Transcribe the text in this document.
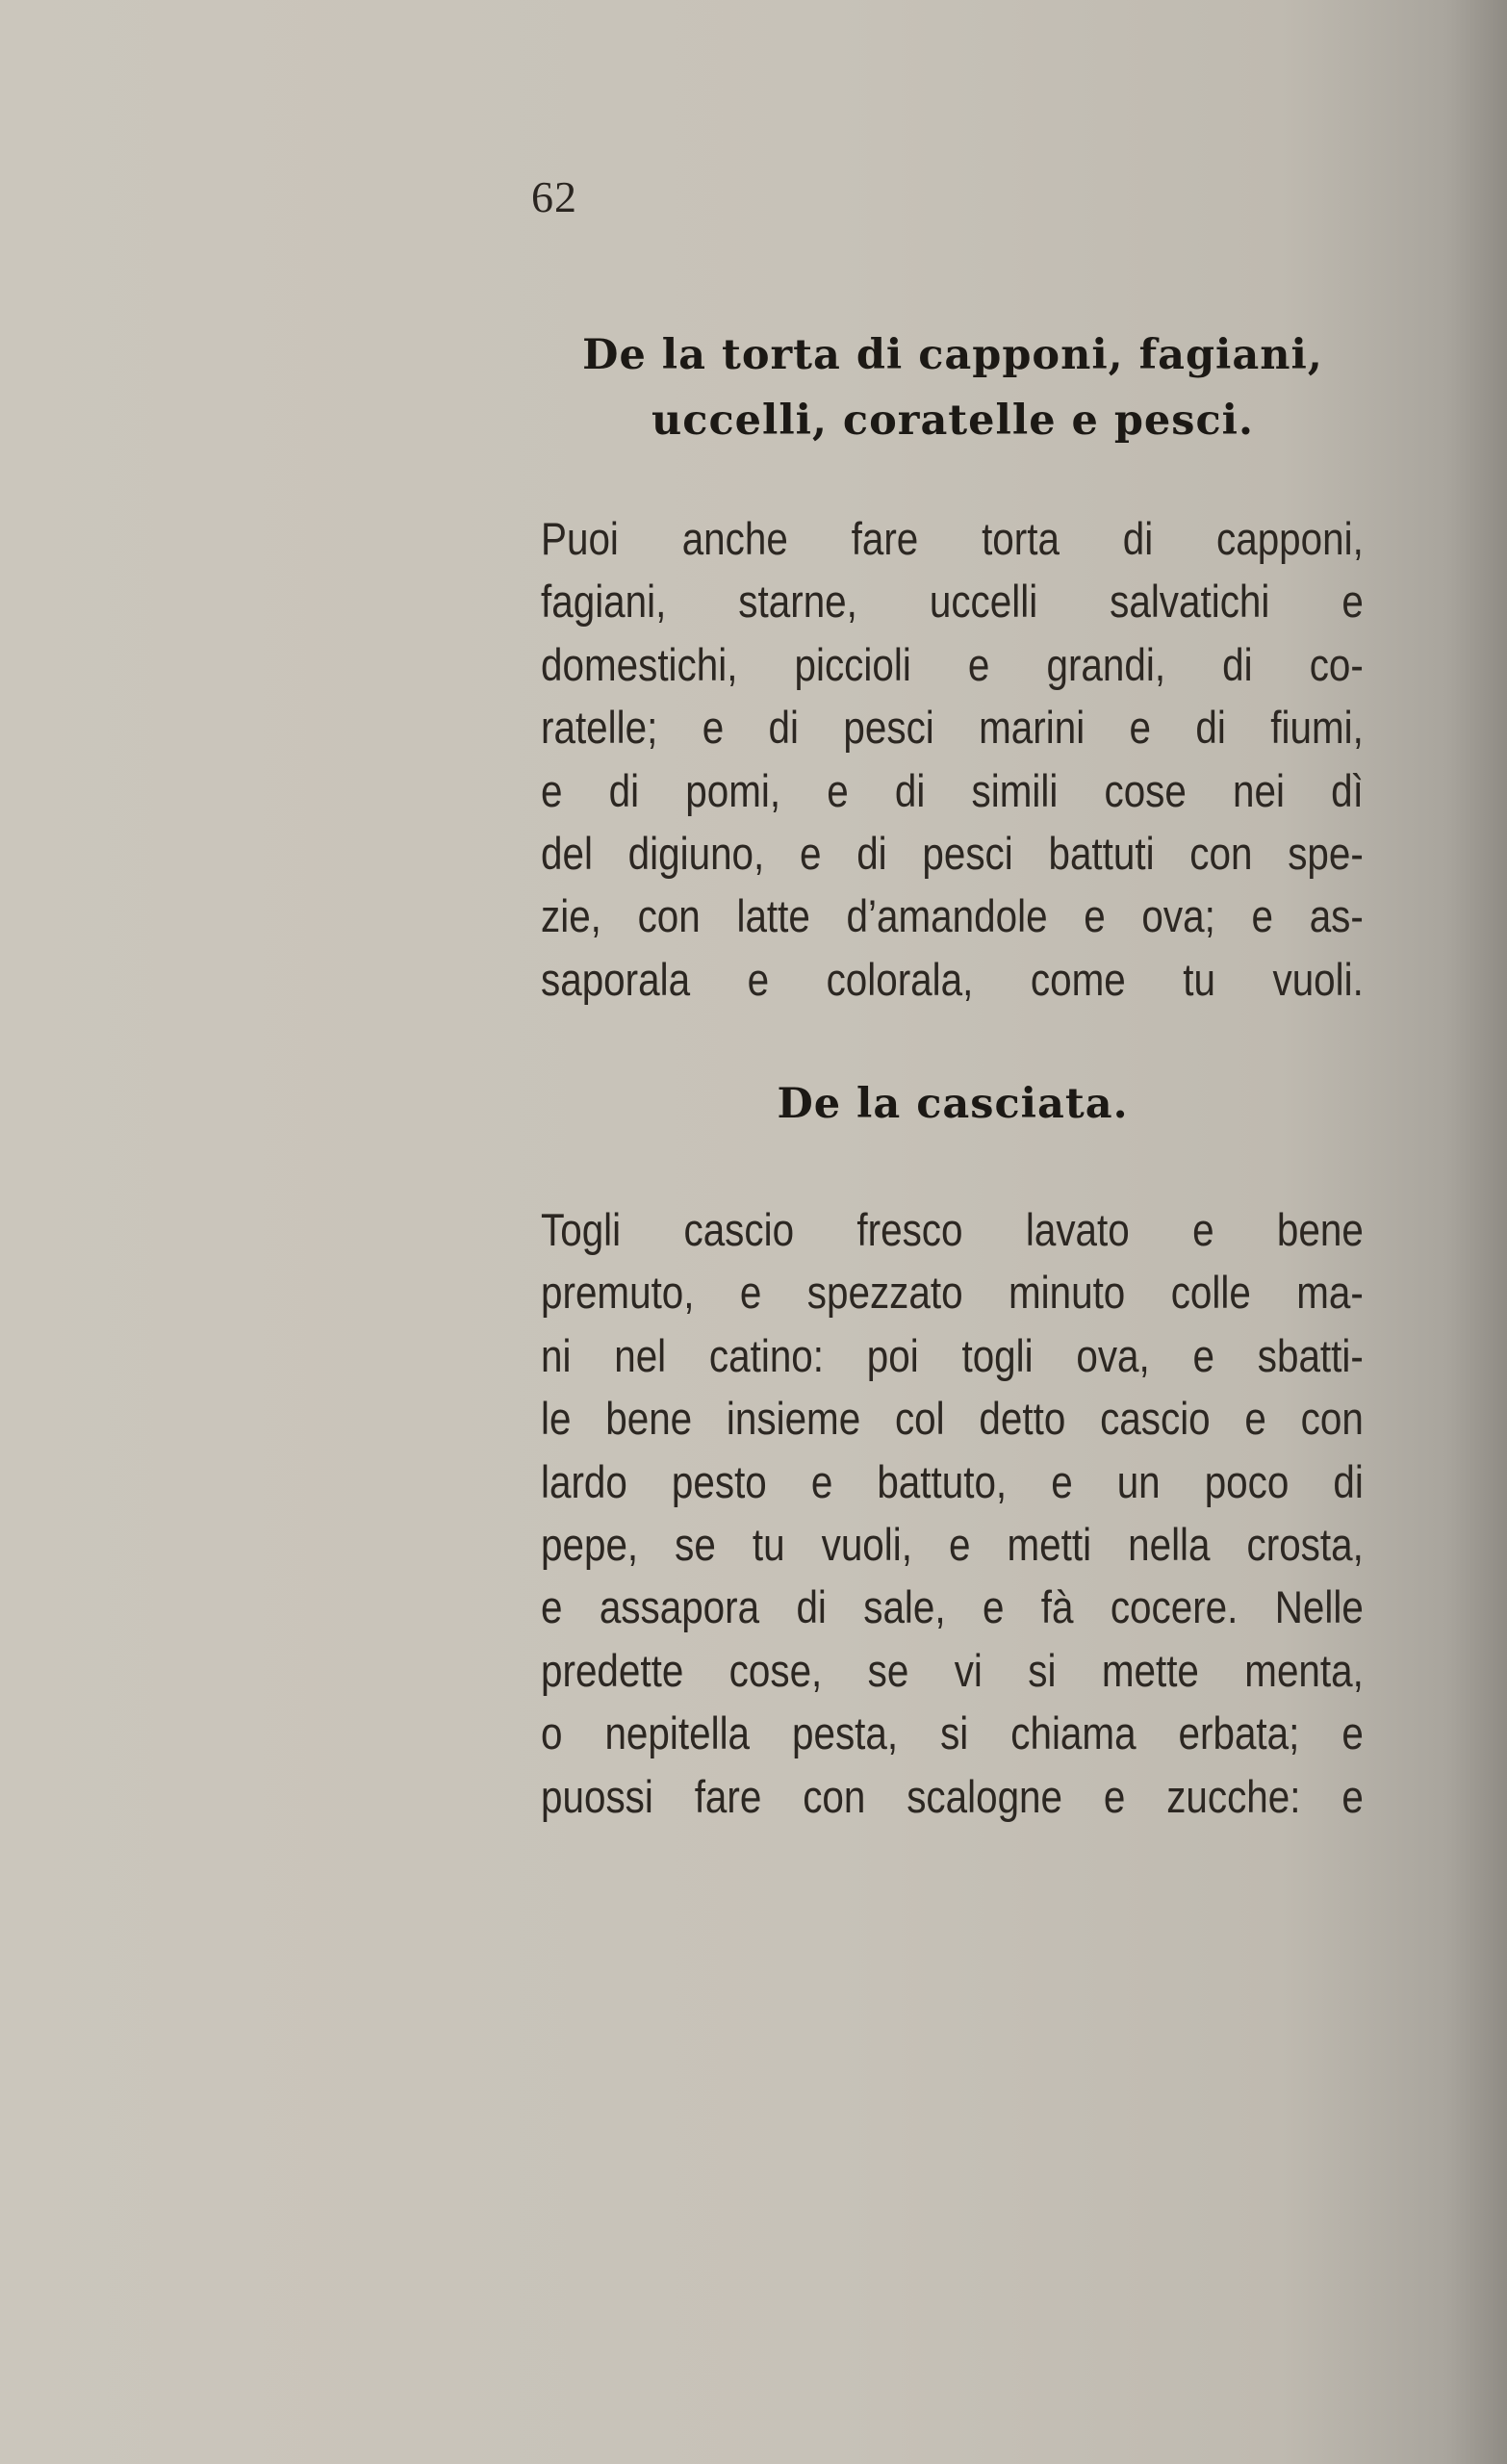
62
De la torta di capponi, fagiani,
uccelli, coratelle e pesci.
Puoi anche fare torta di capponi,
fagiani, starne, uccelli salvatichi e
domestichi, piccioli e grandi, di co-
ratelle; e di pesci marini e di fiumi,
e di pomi, e di simili cose nei dì
del digiuno, e di pesci battuti con spe-
zie, con latte d’amandole e ova; e as-
saporala e colorala, come tu vuoli.
De la casciata.
Togli cascio fresco lavato e bene
premuto, e spezzato minuto colle ma-
ni nel catino: poi togli ova, e sbatti-
le bene insieme col detto cascio e con
lardo pesto e battuto, e un poco di
pepe, se tu vuoli, e metti nella crosta,
e assapora di sale, e fà cocere. Nelle
predette cose, se vi si mette menta,
o nepitella pesta, si chiama erbata; e
puossi fare con scalogne e zucche: e
